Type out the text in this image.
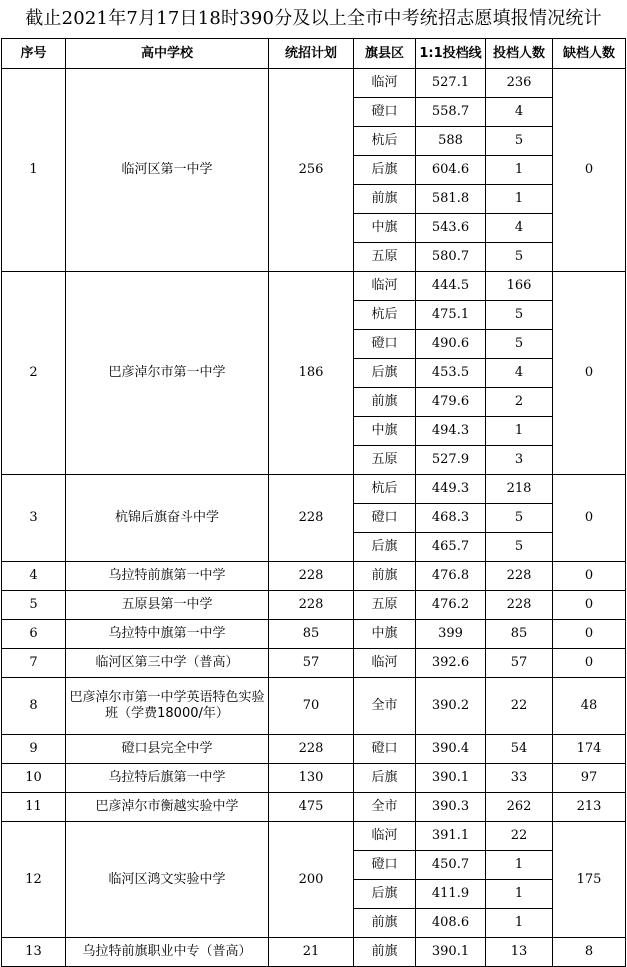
截止2021年7月17日18时390分及以上全市中考统招志愿填报情况统计
序号	高中学校	统招计划	旗县区	1:1投档线	投档人数	缺档人数
1	临河区第一中学	256	临河	527.1	236	0
			磴口	558.7	4	
			杭后	588	5	
			后旗	604.6	1	
			前旗	581.8	1	
			中旗	543.6	4	
			五原	580.7	5	
2	巴彦淖尔市第一中学	186	临河	444.5	166	0
			杭后	475.1	5	
			磴口	490.6	5	
			后旗	453.5	4	
			前旗	479.6	2	
			中旗	494.3	1	
			五原	527.9	3	
3	杭锦后旗奋斗中学	228	杭后	449.3	218	0
			磴口	468.3	5	
			后旗	465.7	5	
4	乌拉特前旗第一中学	228	前旗	476.8	228	0
5	五原县第一中学	228	五原	476.2	228	0
6	乌拉特中旗第一中学	85	中旗	399	85	0
7	临河区第三中学（普高）	57	临河	392.6	57	0
8	巴彦淖尔市第一中学英语特色实验班（学费18000/年）	70	全市	390.2	22	48
9	磴口县完全中学	228	磴口	390.4	54	174
10	乌拉特后旗第一中学	130	后旗	390.1	33	97
11	巴彦淖尔市衡越实验中学	475	全市	390.3	262	213
12	临河区鸿文实验中学	200	临河	391.1	22	175
			磴口	450.7	1	
			后旗	411.9	1	
			前旗	408.6	1	
13	乌拉特前旗职业中专（普高）	21	前旗	390.1	13	8
